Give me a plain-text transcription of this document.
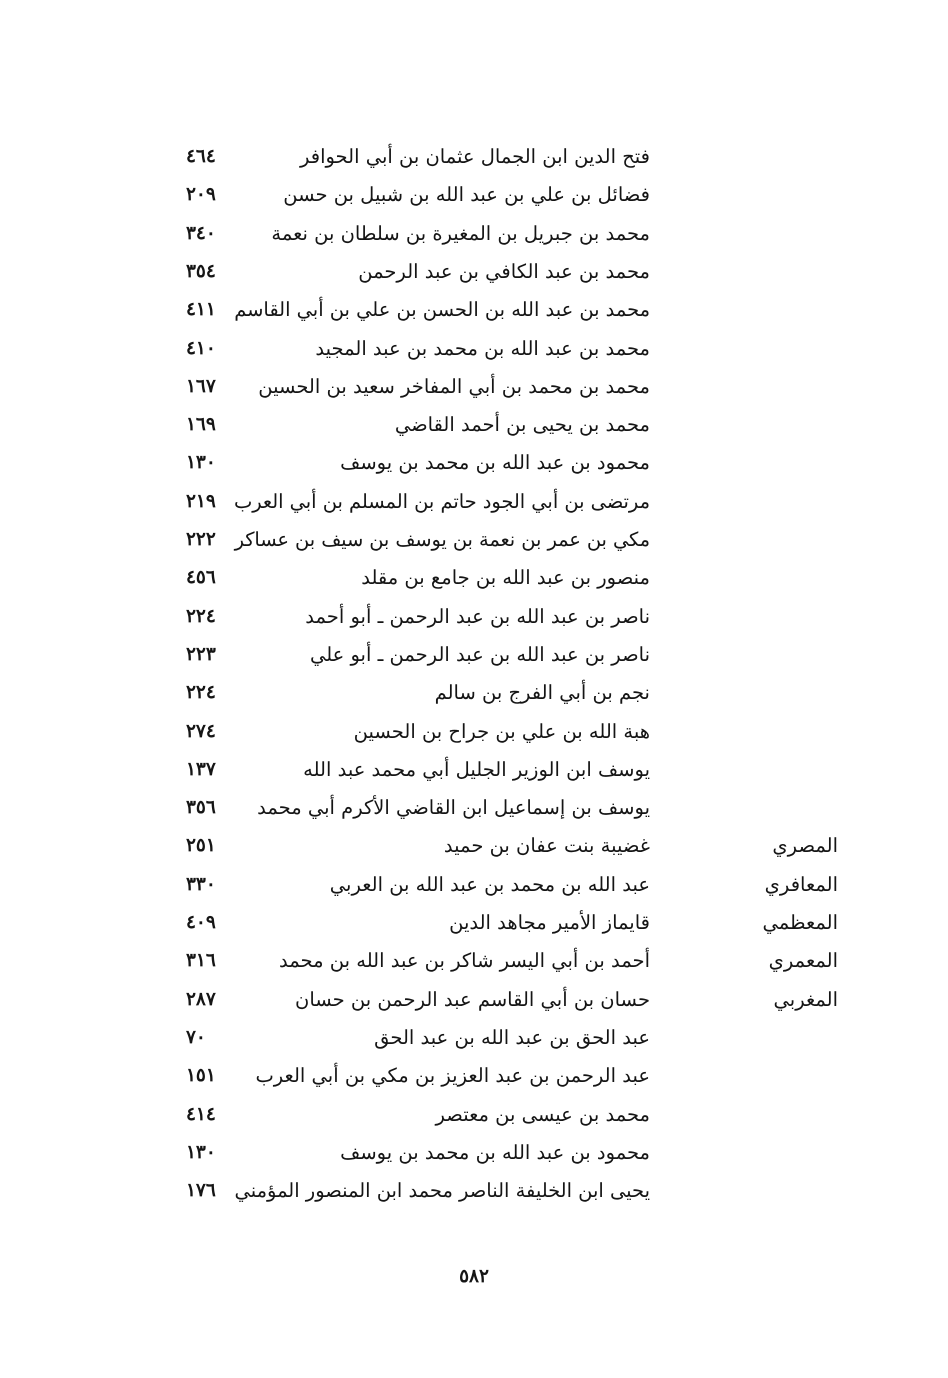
فتح الدين ابن الجمال عثمان بن أبي الحوافر
٤٦٤
فضائل بن علي بن عبد الله بن شبيل بن حسن
٢٠٩
محمد بن جبريل بن المغيرة بن سلطان بن نعمة
٣٤٠
محمد بن عبد الكافي بن عبد الرحمن
٣٥٤
محمد بن عبد الله بن الحسن بن علي بن أبي القاسم
٤١١
محمد بن عبد الله بن محمد بن عبد المجيد
٤١٠
محمد بن محمد بن أبي المفاخر سعيد بن الحسين
١٦٧
محمد بن يحيى بن أحمد القاضي
١٦٩
محمود بن عبد الله بن محمد بن يوسف
١٣٠
مرتضى بن أبي الجود حاتم بن المسلم بن أبي العرب
٢١٩
مكي بن عمر بن نعمة بن يوسف بن سيف بن عساكر
٢٢٢
منصور بن عبد الله بن جامع بن مقلد
٤٥٦
ناصر بن عبد الله بن عبد الرحمن ـ أبو أحمد
٢٢٤
ناصر بن عبد الله بن عبد الرحمن ـ أبو علي
٢٢٣
نجم بن أبي الفرج بن سالم
٢٢٤
هبة الله بن علي بن جراح بن الحسين
٢٧٤
يوسف ابن الوزير الجليل أبي محمد عبد الله
١٣٧
يوسف بن إسماعيل ابن القاضي الأكرم أبي محمد
٣٥٦
المصري
غضيبة بنت عفان بن حميد
٢٥١
المعافري
عبد الله بن محمد بن عبد الله بن العربي
٣٣٠
المعظمي
قايماز الأمير مجاهد الدين
٤٠٩
المعمري
أحمد بن أبي اليسر شاكر بن عبد الله بن محمد
٣١٦
المغربي
حسان بن أبي القاسم عبد الرحمن بن حسان
٢٨٧
عبد الحق بن عبد الله بن عبد الحق
٧٠
عبد الرحمن بن عبد العزيز بن مكي بن أبي العرب
١٥١
محمد بن عيسى بن معتصر
٤١٤
محمود بن عبد الله بن محمد بن يوسف
١٣٠
يحيى ابن الخليفة الناصر محمد ابن المنصور المؤمني
١٧٦
٥٨٢
